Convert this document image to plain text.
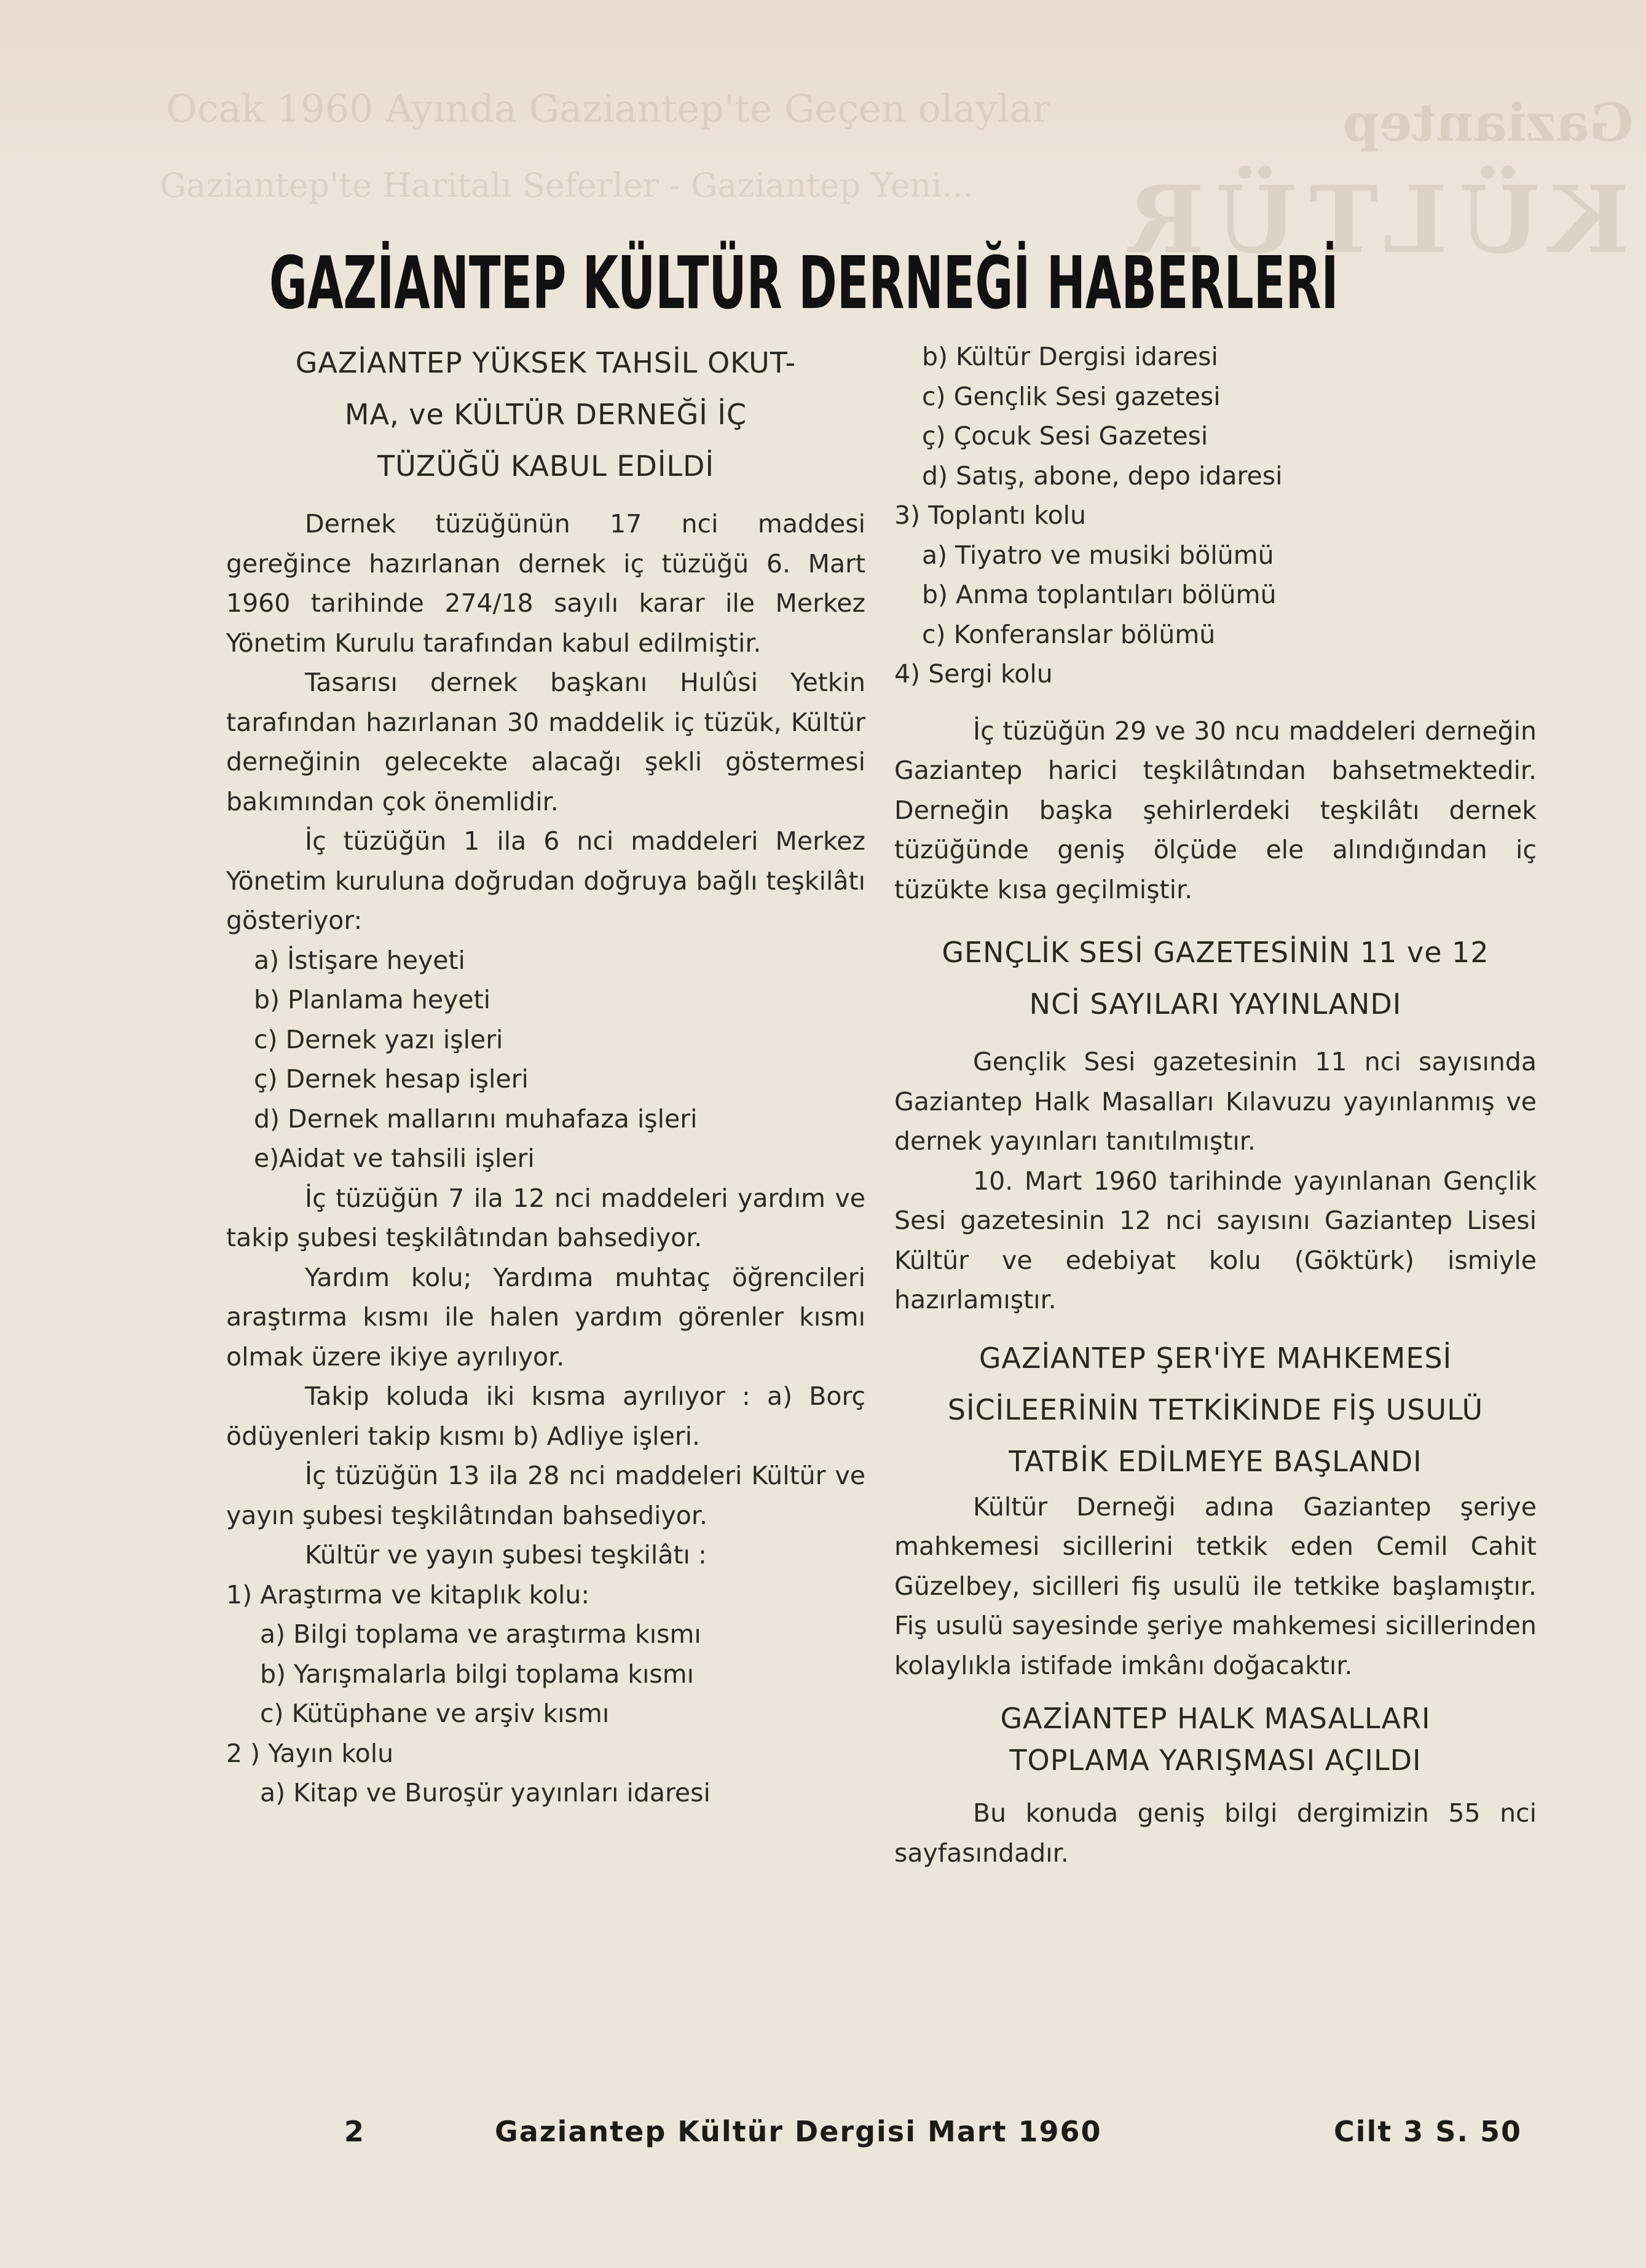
Ocak 1960 Ayında Gaziantep'te Geçen olaylar
Gaziantep'te Haritalı Seferler - Gaziantep Yeni...
Gaziantep
KÜLTÜR
GAZİANTEP KÜLTÜR DERNEĞİ HABERLERİ
GAZİANTEP YÜKSEK TAHSİL OKUT-
MA, ve KÜLTÜR DERNEĞİ İÇ
TÜZÜĞÜ KABUL EDİLDİ

Dernek tüzüğünün 17 nci maddesi gereğince hazırlanan dernek iç tüzüğü 6. Mart 1960 tarihinde 274/18 sayılı karar ile Merkez Yönetim Kurulu tarafından kabul edilmiştir.

Tasarısı dernek başkanı Hulûsi Yetkin tarafından hazırlanan 30 maddelik iç tüzük, Kültür derneğinin gelecekte alacağı şekli göstermesi bakımından çok önemlidir.

İç tüzüğün 1 ila 6 nci maddeleri Merkez Yönetim kuruluna doğrudan doğruya bağlı teşkilâtı gösteriyor:

a) İstişare heyeti
b) Planlama heyeti
c) Dernek yazı işleri
ç) Dernek hesap işleri
d) Dernek mallarını muhafaza işleri
e)Aidat ve tahsili işleri

İç tüzüğün 7 ila 12 nci maddeleri yardım ve takip şubesi teşkilâtından bahsediyor.

Yardım kolu; Yardıma muhtaç öğrencileri araştırma kısmı ile halen yardım görenler kısmı olmak üzere ikiye ayrılıyor.

Takip koluda iki kısma ayrılıyor : a) Borç ödüyenleri takip kısmı b) Adliye işleri.

İç tüzüğün 13 ila 28 nci maddeleri Kültür ve yayın şubesi teşkilâtından bahsediyor.

Kültür ve yayın şubesi teşkilâtı :

1) Araştırma ve kitaplık kolu:
a) Bilgi toplama ve araştırma kısmı
b) Yarışmalarla bilgi toplama kısmı
c) Kütüphane ve arşiv kısmı
2 ) Yayın kolu
a) Kitap ve Buroşür yayınları idaresi
b) Kültür Dergisi idaresi
c) Gençlik Sesi gazetesi
ç) Çocuk Sesi Gazetesi
d) Satış, abone, depo idaresi
3) Toplantı kolu
a) Tiyatro ve musiki bölümü
b) Anma toplantıları bölümü
c) Konferanslar bölümü
4) Sergi kolu

İç tüzüğün 29 ve 30 ncu maddeleri derneğin Gaziantep harici teşkilâtından bahsetmektedir. Derneğin başka şehirlerdeki teşkilâtı dernek tüzüğünde geniş ölçüde ele alındığından iç tüzükte kısa geçilmiştir.

GENÇLİK SESİ GAZETESİNİN 11 ve 12
NCİ SAYILARI YAYINLANDI

Gençlik Sesi gazetesinin 11 nci sayısında Gaziantep Halk Masalları Kılavuzu yayınlanmış ve dernek yayınları tanıtılmıştır.

10. Mart 1960 tarihinde yayınlanan Gençlik Sesi gazetesinin 12 nci sayısını Gaziantep Lisesi Kültür ve edebiyat kolu (Göktürk) ismiyle hazırlamıştır.

GAZİANTEP ŞER'İYE MAHKEMESİ
SİCİLEERİNİN TETKİKİNDE FİŞ USULÜ
TATBİK EDİLMEYE BAŞLANDI

Kültür Derneği adına Gaziantep şeriye mahkemesi sicillerini tetkik eden Cemil Cahit Güzelbey, sicilleri fiş usulü ile tetkike başlamıştır. Fiş usulü sayesinde şeriye mahkemesi sicillerinden kolaylıkla istifade imkânı doğacaktır.

GAZİANTEP HALK MASALLARI
TOPLAMA YARIŞMASI AÇILDI

Bu konuda geniş bilgi dergimizin 55 nci sayfasındadır.

2	Gaziantep Kültür Dergisi Mart 1960	Cilt 3 S. 50
